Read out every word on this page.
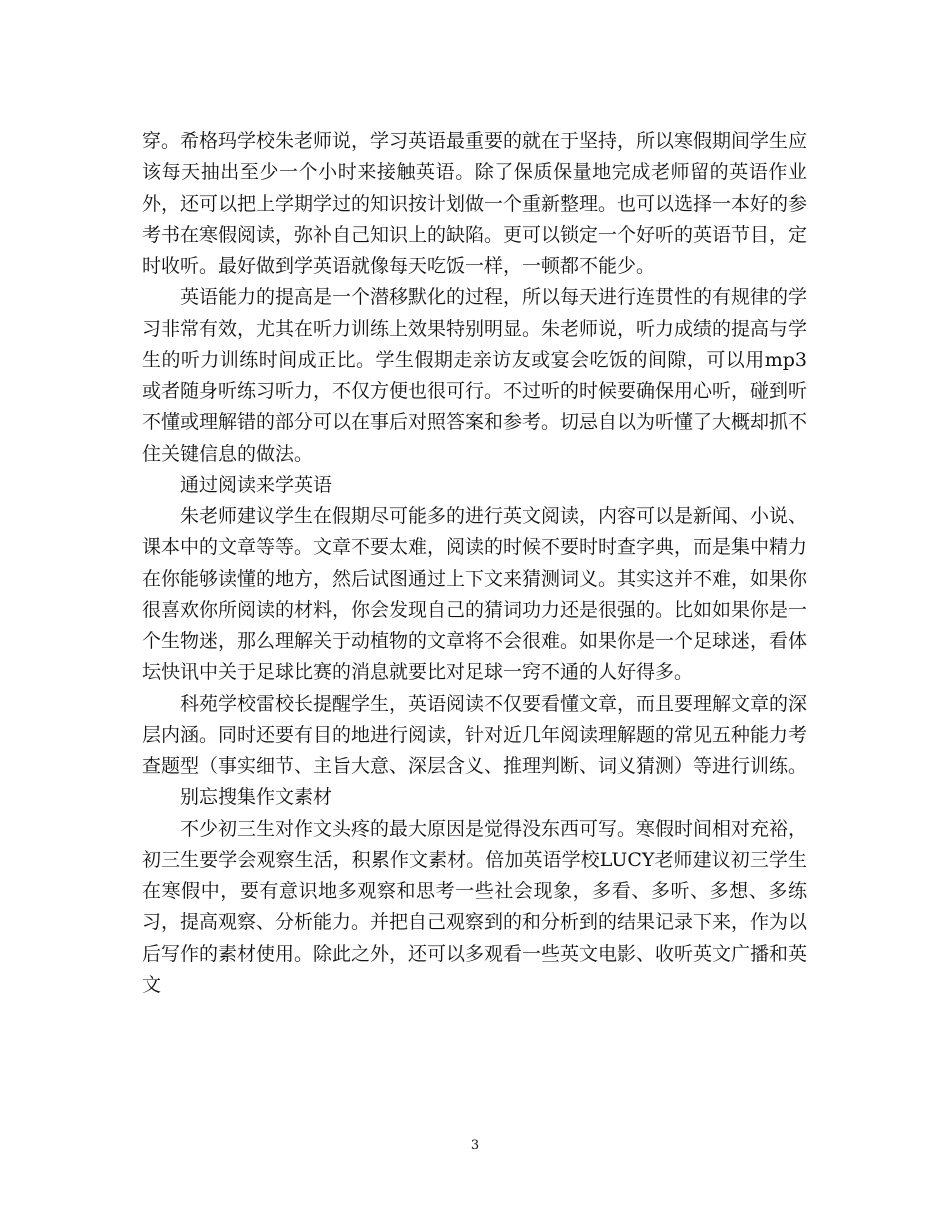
穿。希格玛学校朱老师说，学习英语最重要的就在于坚持，所以寒假期间学生应该每天抽出至少一个小时来接触英语。除了保质保量地完成老师留的英语作业外，还可以把上学期学过的知识按计划做一个重新整理。也可以选择一本好的参考书在寒假阅读，弥补自己知识上的缺陷。更可以锁定一个好听的英语节目，定时收听。最好做到学英语就像每天吃饭一样，一顿都不能少。

英语能力的提高是一个潜移默化的过程，所以每天进行连贯性的有规律的学习非常有效，尤其在听力训练上效果特别明显。朱老师说，听力成绩的提高与学生的听力训练时间成正比。学生假期走亲访友或宴会吃饭的间隙，可以用mp3或者随身听练习听力，不仅方便也很可行。不过听的时候要确保用心听，碰到听不懂或理解错的部分可以在事后对照答案和参考。切忌自以为听懂了大概却抓不住关键信息的做法。

通过阅读来学英语

朱老师建议学生在假期尽可能多的进行英文阅读，内容可以是新闻、小说、课本中的文章等等。文章不要太难，阅读的时候不要时时查字典，而是集中精力在你能够读懂的地方，然后试图通过上下文来猜测词义。其实这并不难，如果你很喜欢你所阅读的材料，你会发现自己的猜词功力还是很强的。比如如果你是一个生物迷，那么理解关于动植物的文章将不会很难。如果你是一个足球迷，看体坛快讯中关于足球比赛的消息就要比对足球一窍不通的人好得多。

科苑学校雷校长提醒学生，英语阅读不仅要看懂文章，而且要理解文章的深层内涵。同时还要有目的地进行阅读，针对近几年阅读理解题的常见五种能力考查题型（事实细节、主旨大意、深层含义、推理判断、词义猜测）等进行训练。

别忘搜集作文素材

不少初三生对作文头疼的最大原因是觉得没东西可写。寒假时间相对充裕，初三生要学会观察生活，积累作文素材。倍加英语学校LUCY老师建议初三学生在寒假中，要有意识地多观察和思考一些社会现象，多看、多听、多想、多练习，提高观察、分析能力。并把自己观察到的和分析到的结果记录下来，作为以后写作的素材使用。除此之外，还可以多观看一些英文电影、收听英文广播和英文

3
